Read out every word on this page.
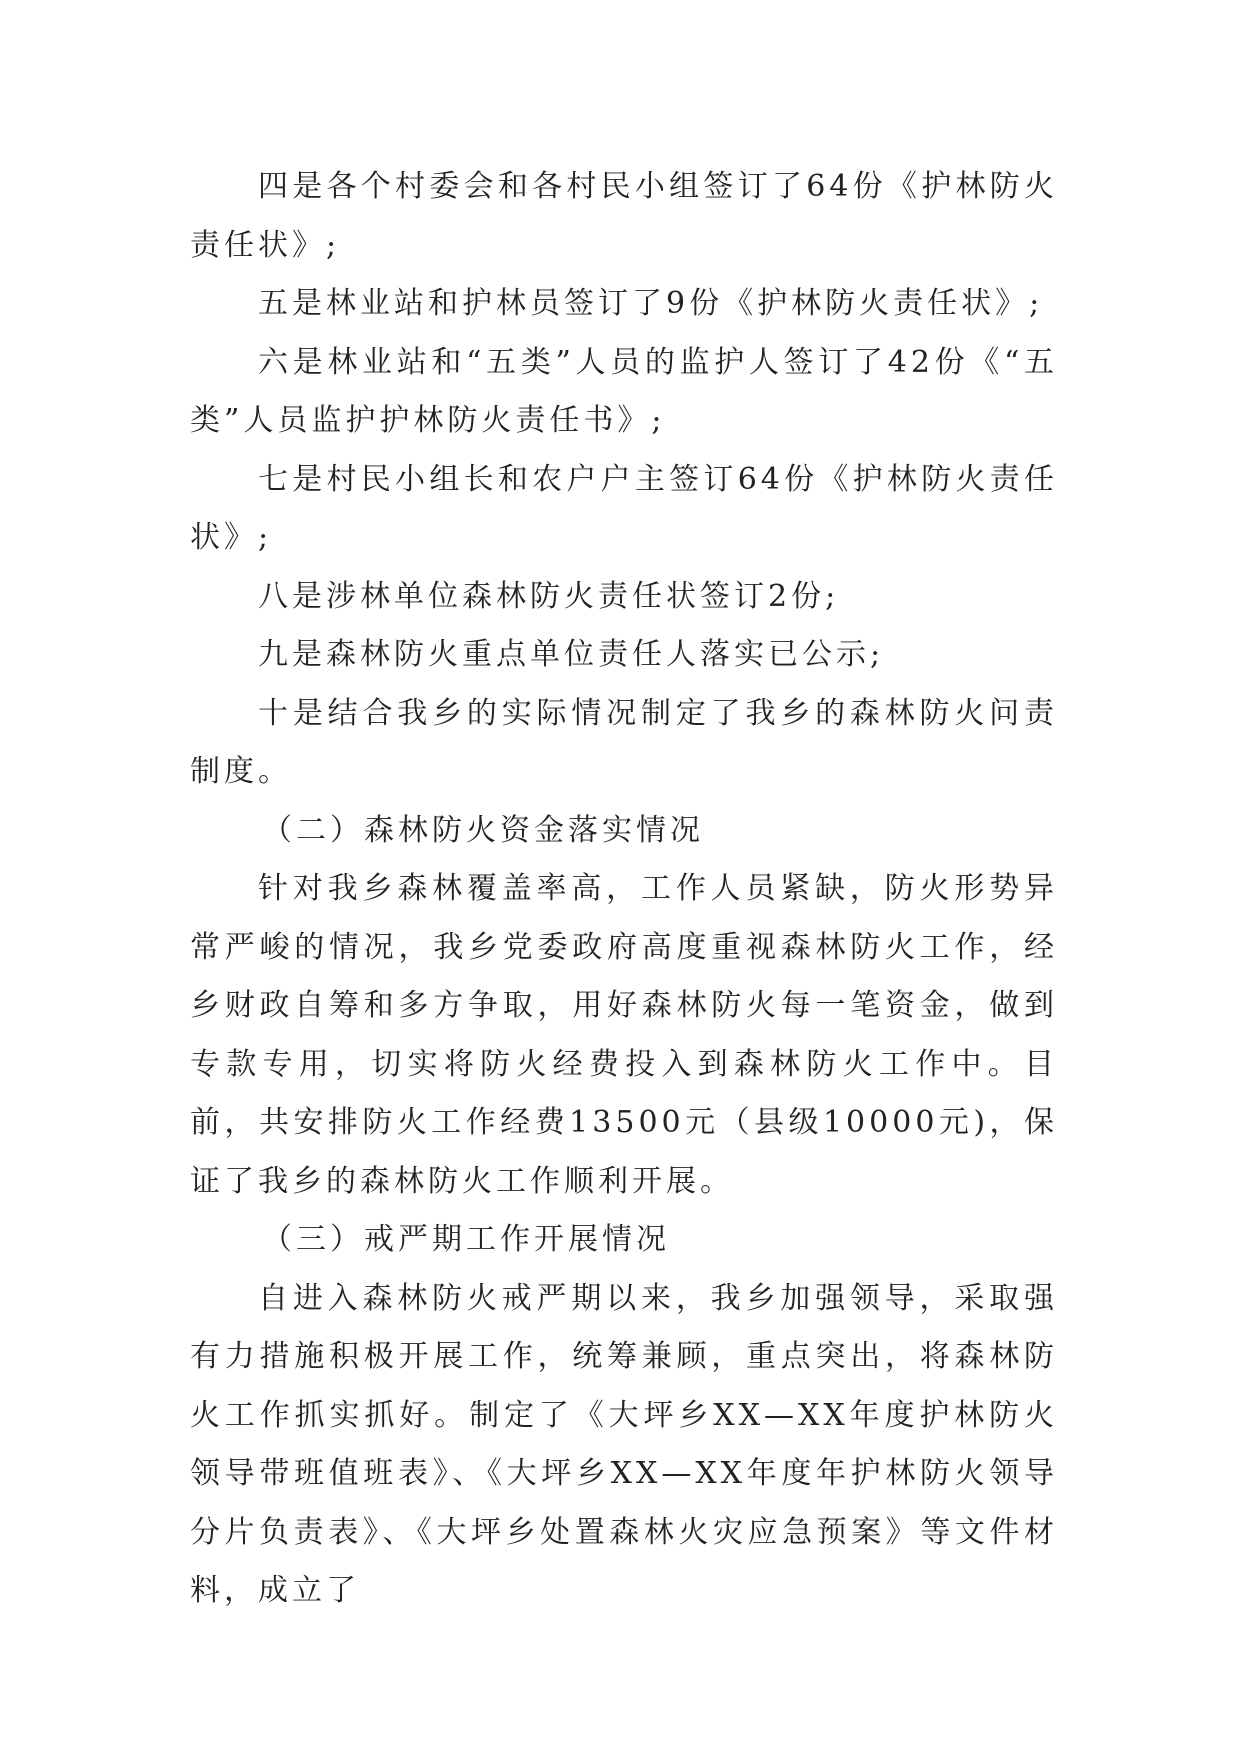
四是各个村委会和各村民小组签订了64份《护林防火责任状》;

五是林业站和护林员签订了9份《护林防火责任状》;

六是林业站和“五类”人员的监护人签订了42份《“五类”人员监护护林防火责任书》;

七是村民小组长和农户户主签订64份《护林防火责任状》;

八是涉林单位森林防火责任状签订2份;

九是森林防火重点单位责任人落实已公示;

十是结合我乡的实际情况制定了我乡的森林防火问责制度。

（二）森林防火资金落实情况

针对我乡森林覆盖率高，工作人员紧缺，防火形势异常严峻的情况，我乡党委政府高度重视森林防火工作，经乡财政自筹和多方争取，用好森林防火每一笔资金，做到专款专用，切实将防火经费投入到森林防火工作中。目前，共安排防火工作经费13500元（县级10000元)，保证了我乡的森林防火工作顺利开展。

（三）戒严期工作开展情况

自进入森林防火戒严期以来，我乡加强领导，采取强有力措施积极开展工作，统筹兼顾，重点突出，将森林防火工作抓实抓好。制定了《大坪乡XX—XX年度护林防火领导带班值班表》、《大坪乡XX—XX年度年护林防火领导分片负责表》、《大坪乡处置森林火灾应急预案》等文件材料，成立了
